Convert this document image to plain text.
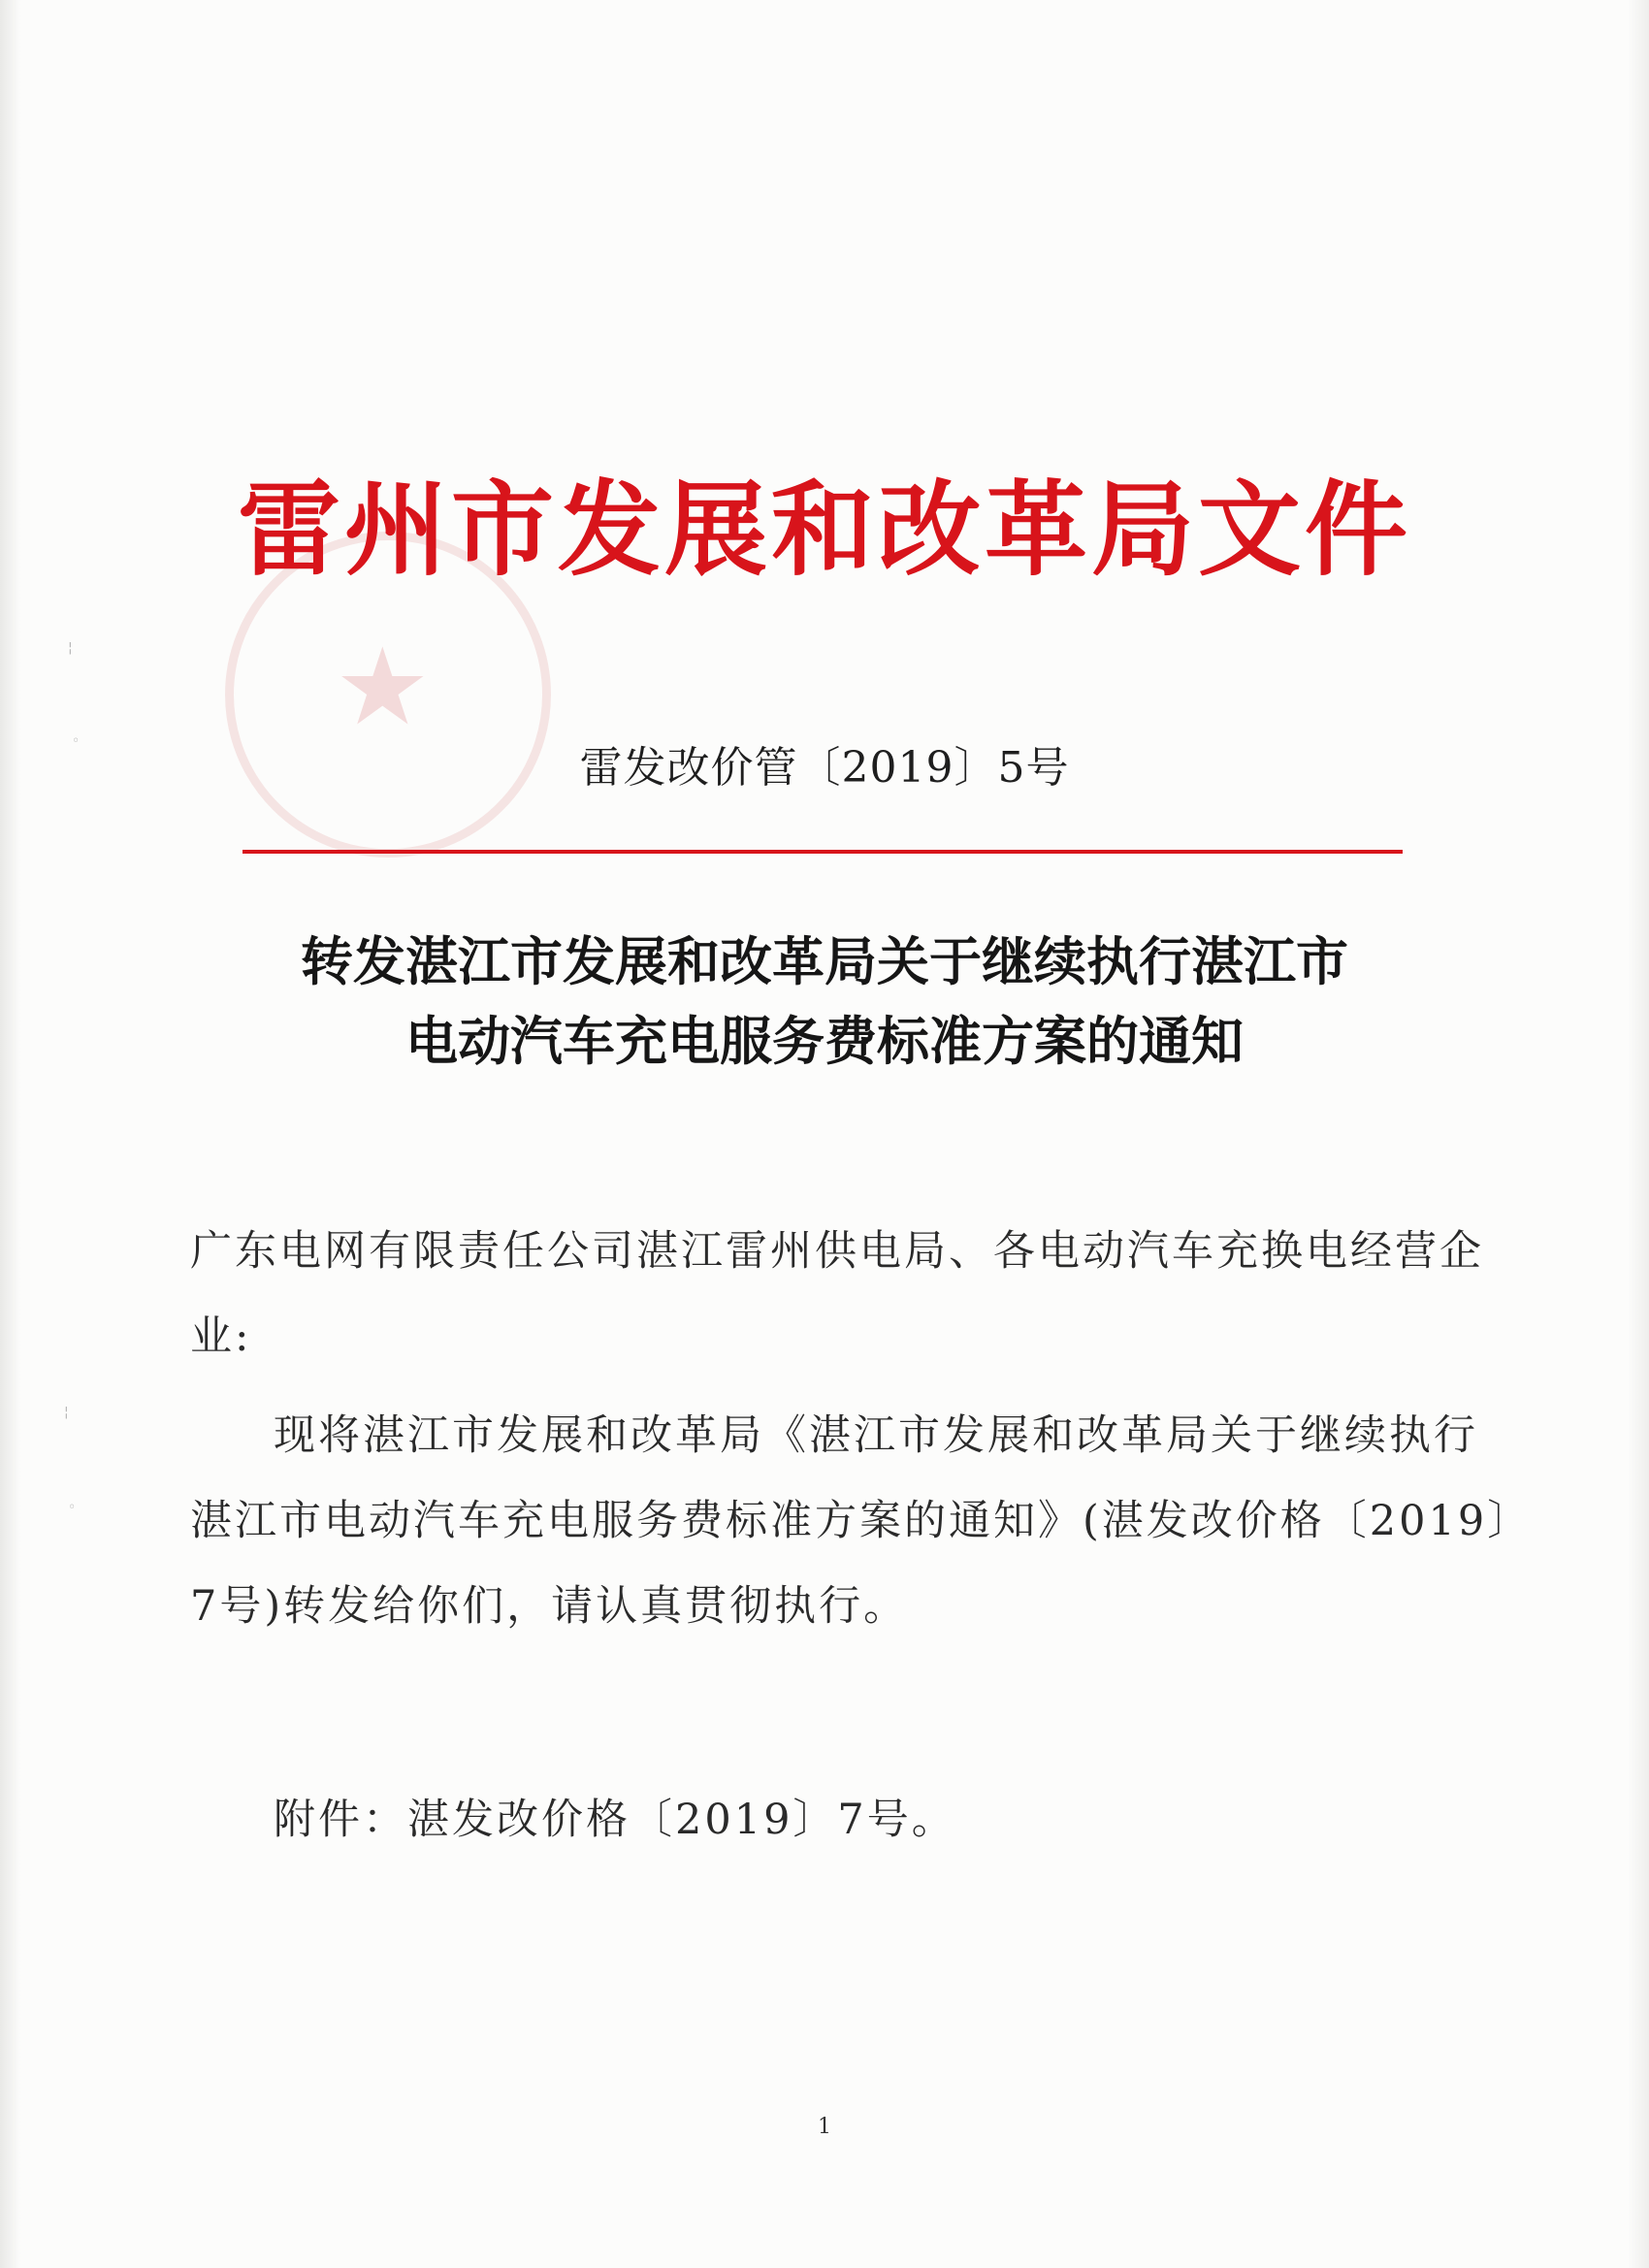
¦
◦
¦
◦
★
雷州市发展和改革局文件
雷发改价管〔2019〕5号
转发湛江市发展和改革局关于继续执行湛江市
电动汽车充电服务费标准方案的通知
广东电网有限责任公司湛江雷州供电局、各电动汽车充换电经营企
业:
现将湛江市发展和改革局《湛江市发展和改革局关于继续执行
湛江市电动汽车充电服务费标准方案的通知》(湛发改价格〔2019〕
7号)转发给你们，请认真贯彻执行。
附件：湛发改价格〔2019〕7号。
1
